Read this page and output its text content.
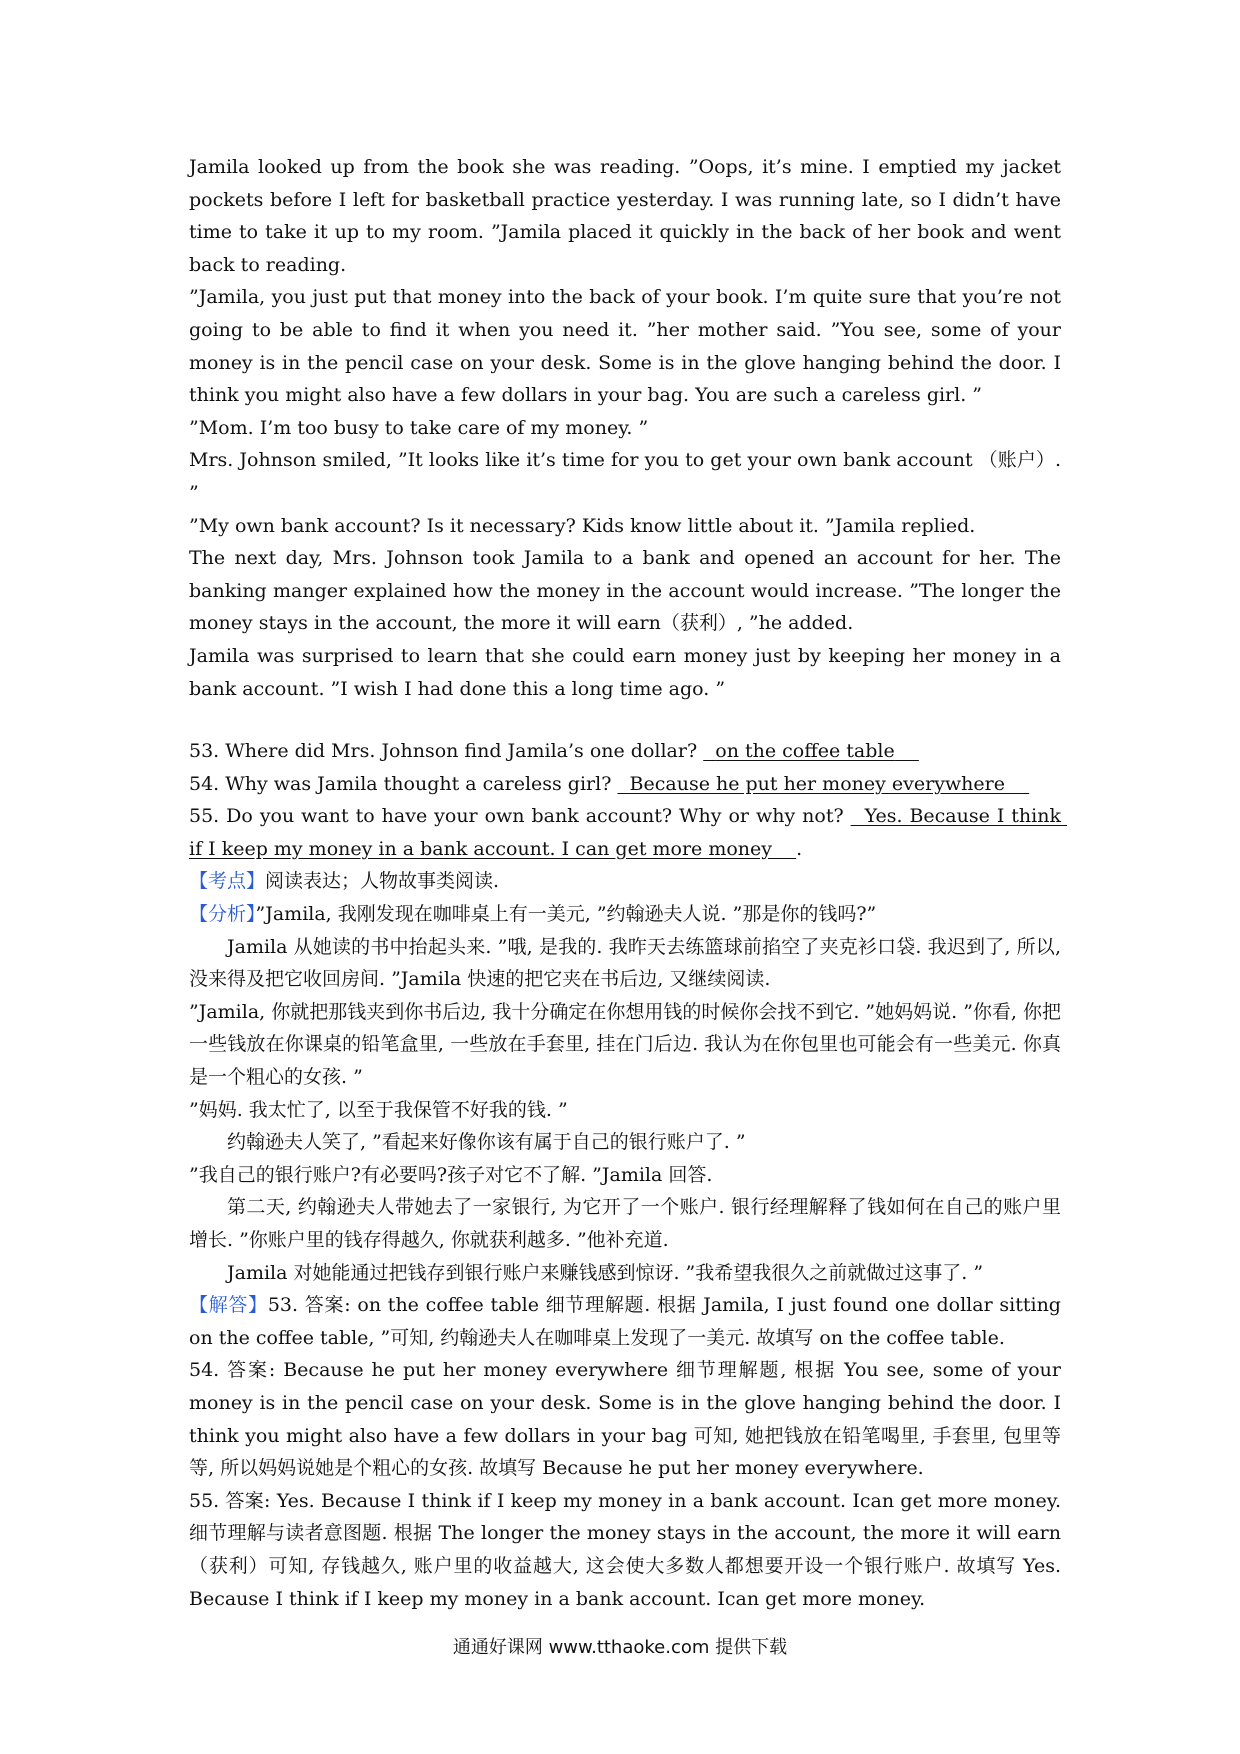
Jamila looked up from the book she was reading. ”Oops, it’s mine. I emptied my jacket pockets before I left for basketball practice yesterday. I was running late, so I didn’t have time to take it up to my room. ”Jamila placed it quickly in the back of her book and went back to reading.

”Jamila, you just put that money into the back of your book. I’m quite sure that you’re not going to be able to find it when you need it. ”her mother said. ”You see, some of your money is in the pencil case on your desk. Some is in the glove hanging behind the door. I think you might also have a few dollars in your bag. You are such a careless girl. ”

”Mom. I’m too busy to take care of my money. ”

Mrs. Johnson smiled, ”It looks like it’s time for you to get your own bank account （账户）. ”

”My own bank account? Is it necessary? Kids know little about it. ”Jamila replied.

The next day, Mrs. Johnson took Jamila to a bank and opened an account for her. The banking manger explained how the money in the account would increase. ”The longer the money stays in the account, the more it will earn（获利）, ”he added.

Jamila was surprised to learn that she could earn money just by keeping her money in a bank account. ”I wish I had done this a long time ago. ”

53. Where did Mrs. Johnson find Jamila’s one dollar? on the coffee table

54. Why was Jamila thought a careless girl? Because he put her money everywhere

55. Do you want to have your own bank account? Why or why not? Yes. Because I think if I keep my money in a bank account. I can get more money .

【考点】阅读表达；人物故事类阅读.

【分析】”Jamila, 我刚发现在咖啡桌上有一美元, ”约翰逊夫人说. ”那是你的钱吗?”

Jamila 从她读的书中抬起头来. ”哦, 是我的. 我昨天去练篮球前掐空了夹克衫口袋. 我迟到了, 所以, 没来得及把它收回房间. ”Jamila 快速的把它夹在书后边, 又继续阅读.

”Jamila, 你就把那钱夹到你书后边, 我十分确定在你想用钱的时候你会找不到它. ”她妈妈说. ”你看, 你把一些钱放在你课桌的铅笔盒里, 一些放在手套里, 挂在门后边. 我认为在你包里也可能会有一些美元. 你真是一个粗心的女孩. ”

”妈妈. 我太忙了, 以至于我保管不好我的钱. ”

约翰逊夫人笑了, ”看起来好像你该有属于自己的银行账户了. ”

”我自己的银行账户?有必要吗?孩子对它不了解. ”Jamila 回答.

第二天, 约翰逊夫人带她去了一家银行, 为它开了一个账户. 银行经理解释了钱如何在自己的账户里增长. ”你账户里的钱存得越久, 你就获利越多. ”他补充道.

Jamila 对她能通过把钱存到银行账户来赚钱感到惊讶. ”我希望我很久之前就做过这事了. ”

【解答】53. 答案: on the coffee table 细节理解题. 根据 Jamila, I just found one dollar sitting on the coffee table, ”可知, 约翰逊夫人在咖啡桌上发现了一美元. 故填写 on the coffee table.

54. 答案: Because he put her money everywhere 细节理解题, 根据 You see, some of your money is in the pencil case on your desk. Some is in the glove hanging behind the door. I think you might also have a few dollars in your bag 可知, 她把钱放在铅笔喝里, 手套里, 包里等等, 所以妈妈说她是个粗心的女孩. 故填写 Because he put her money everywhere.

55. 答案: Yes. Because I think if I keep my money in a bank account. Ican get more money. 细节理解与读者意图题. 根据 The longer the money stays in the account, the more it will earn（获利）可知, 存钱越久, 账户里的收益越大, 这会使大多数人都想要开设一个银行账户. 故填写 Yes. Because I think if I keep my money in a bank account. Ican get more money.

通通好课网 www.tthaoke.com 提供下载
